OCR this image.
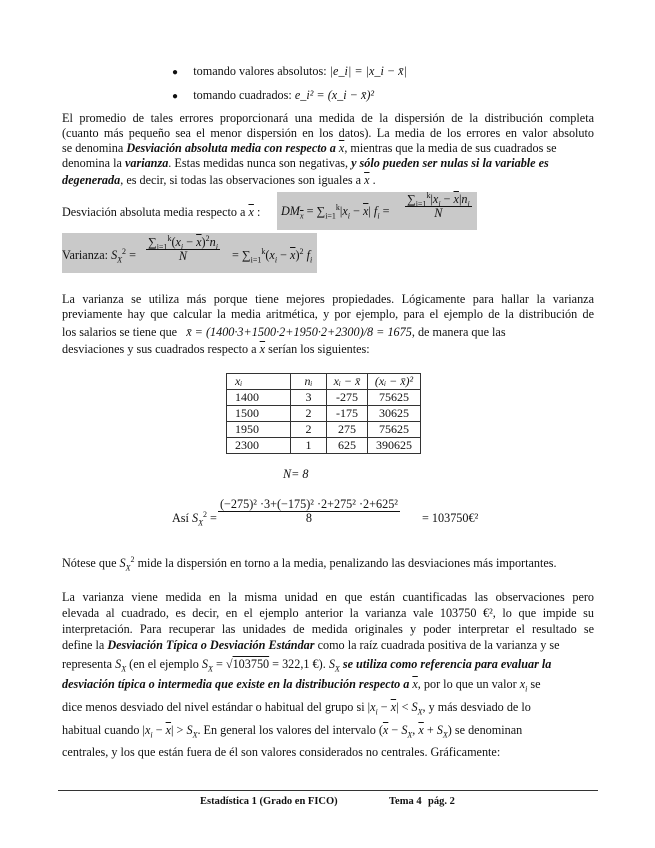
● tomando valores absolutos: |e_i| = |x_i − x̄|
● tomando cuadrados: e_i² = (x_i − x̄)²
El promedio de tales errores proporcionará una medida de la dispersión de la distribución completa
(cuanto más pequeño sea el menor dispersión en los datos). La media de los errores en valor absoluto
se denomina Desviación absoluta media con respecto a $\overline{x}$, mientras que la media de sus cuadrados se
denomina la varianza. Estas medidas nunca son negativas, y sólo pueden ser nulas si la variable es
degenerada, es decir, si todas las observaciones son iguales a $\overline{x}$ .
Desviación absoluta media respecto a $\overline{x}$ : $DM_{\overline{x}} = \sum_{i=1}^k|x_i - \overline{x}|$ $f_i = \frac{\sum_{i=1}^k|x_i - \overline{x}|n_i}{N}$
Varianza: $S_X^2 = \frac{\sum_{i=1}^k(x_i - \overline{x})^2n_i}{N} = \sum_{i=1}^k(x_i - \overline{x})^2$ $f_i$
La varianza se utiliza más porque tiene mejores propiedades. Lógicamente para hallar la varianza
previamente hay que calcular la media aritmética, y por ejemplo, para el ejemplo de la distribución de
los salarios se tiene que x̄ = (1400·3+1500·2+1950·2+2300)/8 = 1675, de manera que las
desviaciones y sus cuadrados respecto a $\overline{x}$ serían los siguientes:
xᵢ	nᵢ	xᵢ − x̄	(xᵢ − x̄)²
1400	3	-275	75625
1500	2	-175	30625
1950	2	275	75625
2300	1	625	390625
N= 8
Así $S_X^2 = \frac{\text{(−275)² ·3+(−175)² ·2+275² ·2+625²}}{8}$ = 103750€²
Nótese que $S_X^2$ mide la dispersión en torno a la media, penalizando las desviaciones más importantes.
La varianza viene medida en la misma unidad en que están cuantificadas las observaciones pero
elevada al cuadrado, es decir, en el ejemplo anterior la varianza vale 103750 €², lo que impide su
interpretación. Para recuperar las unidades de medida originales y poder interpretar el resultado se
define la Desviación Típica o Desviación Estándar como la raíz cuadrada positiva de la varianza y se
representa $S_X$ (en el ejemplo $S_X = √103750 = 322,1$ €). $S_X$ se utiliza como referencia para evaluar la
desviación típica o intermedia que existe en la distribución respecto a $\overline{x}$, por lo que un valor $x_i$ se
dice menos desviado del nivel estándar o habitual del grupo si $|x_i - \overline{x}| < S_X$, y más desviado de lo
habitual cuando $|x_i - \overline{x}| > S_X$. En general los valores del intervalo ($\overline{x} - S_X$, $\overline{x} + S_X$) se denominan
centrales, y los que están fuera de él son valores considerados no centrales. Gráficamente:
Estadística 1 (Grado en FICO)	Tema 4 pág. 2
